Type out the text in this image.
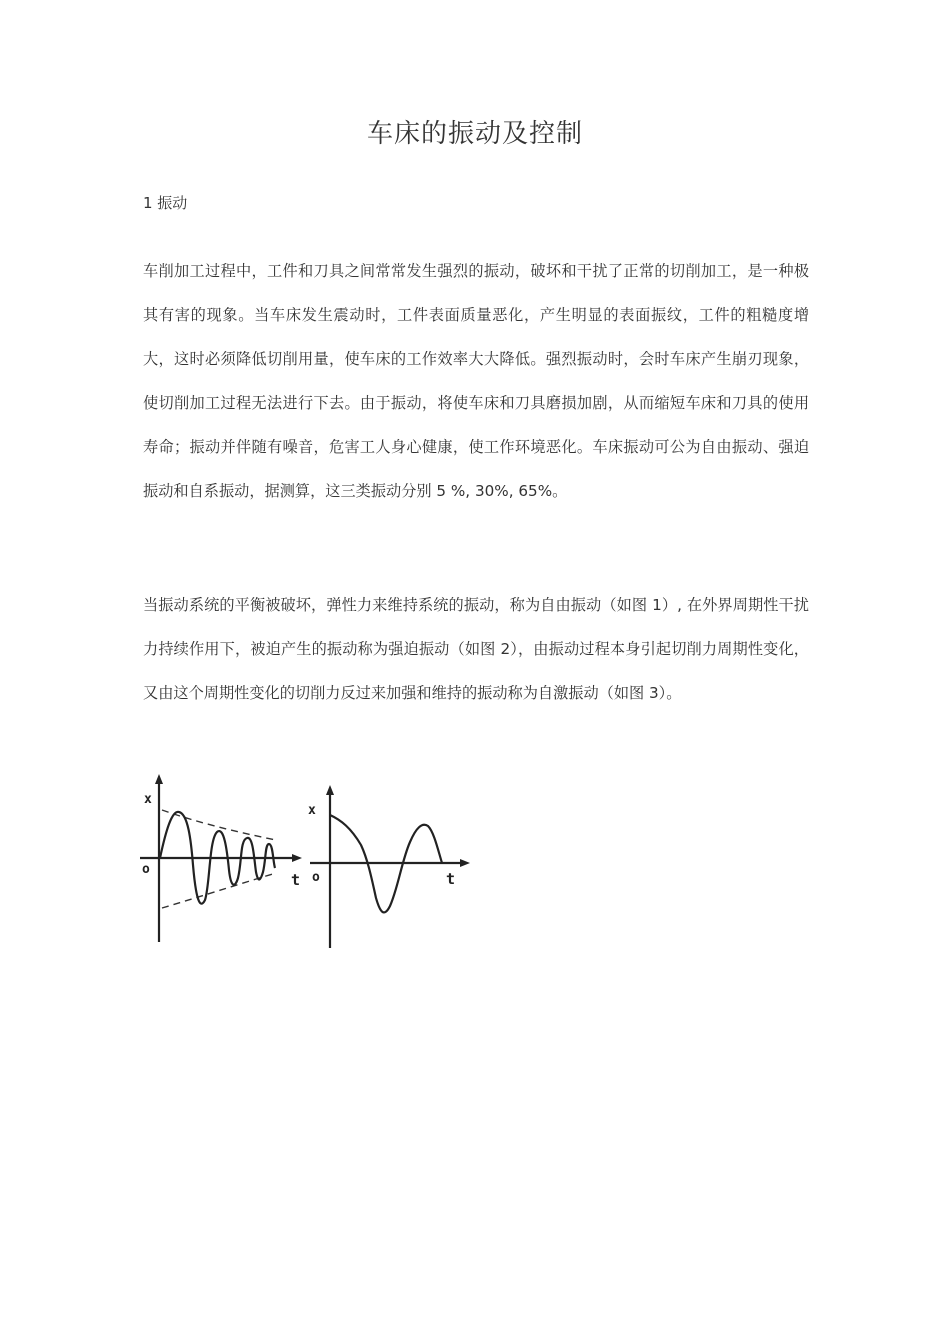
车床的振动及控制
1 振动
车削加工过程中，工件和刀具之间常常发生强烈的振动，破坏和干扰了正常的切削加工，是一种极其有害的现象。当车床发生震动时，工件表面质量恶化，产生明显的表面振纹，工件的粗糙度增大，这时必须降低切削用量，使车床的工作效率大大降低。强烈振动时，会时车床产生崩刃现象，使切削加工过程无法进行下去。由于振动，将使车床和刀具磨损加剧，从而缩短车床和刀具的使用寿命；振动并伴随有噪音，危害工人身心健康，使工作环境恶化。车床振动可公为自由振动、强迫振动和自系振动，据测算，这三类振动分别 5 %, 30%, 65%。
当振动系统的平衡被破坏，弹性力来维持系统的振动，称为自由振动（如图 1）, 在外界周期性干扰力持续作用下，被迫产生的振动称为强迫振动（如图 2），由振动过程本身引起切削力周期性变化，又由这个周期性变化的切削力反过来加强和维持的振动称为自激振动（如图 3）。
x
o
t
x
o	t
